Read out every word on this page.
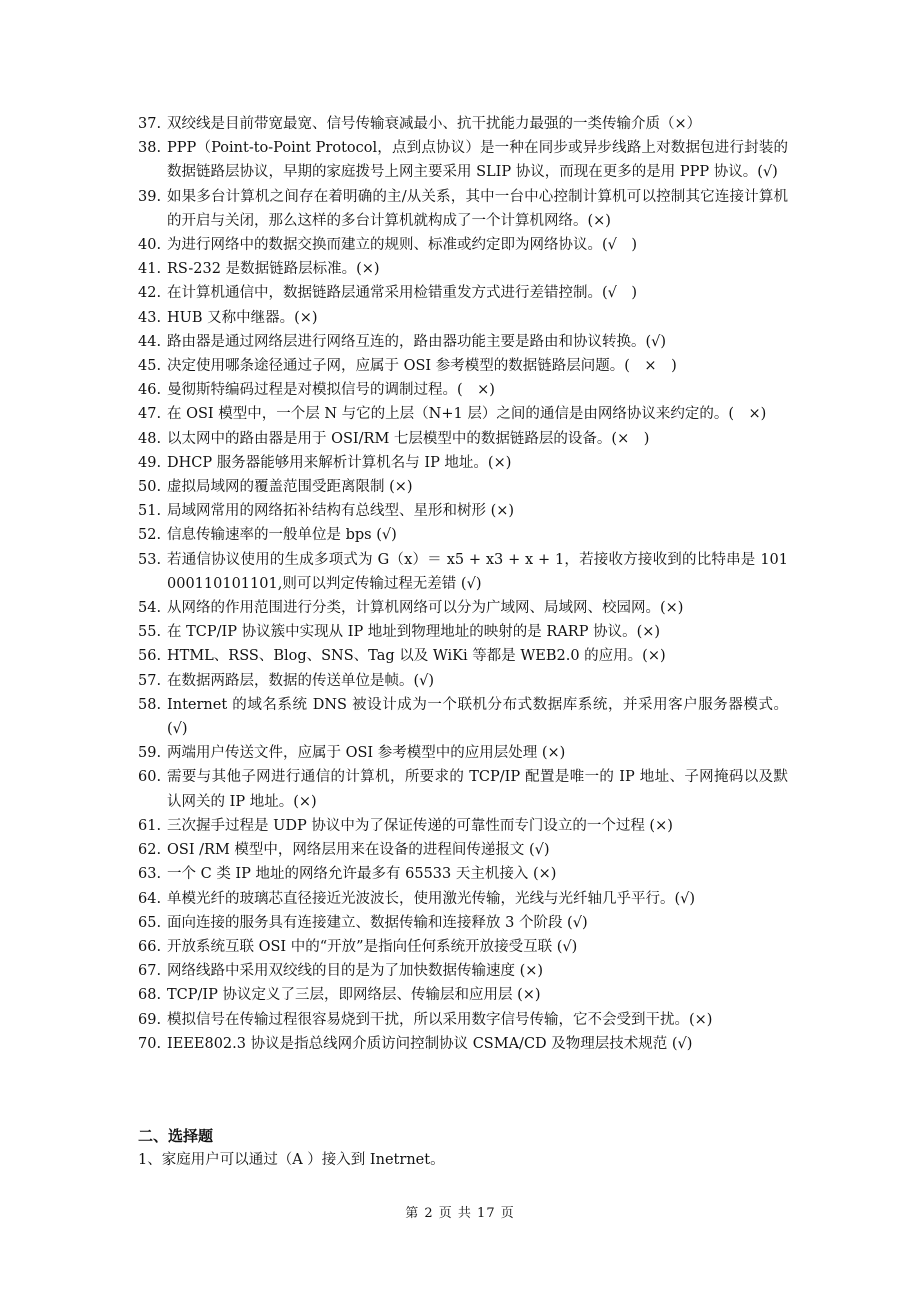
37. 双绞线是目前带宽最宽、信号传输衰减最小、抗干扰能力最强的一类传输介质（×）
38. PPP（Point-to-Point Protocol，点到点协议）是一种在同步或异步线路上对数据包进行封装的数据链路层协议，早期的家庭拨号上网主要采用 SLIP 协议，而现在更多的是用 PPP 协议。(√)
39. 如果多台计算机之间存在着明确的主/从关系，其中一台中心控制计算机可以控制其它连接计算机的开启与关闭，那么这样的多台计算机就构成了一个计算机网络。(×)
40. 为进行网络中的数据交换而建立的规则、标准或约定即为网络协议。(√　)
41. RS-232 是数据链路层标准。(×)
42. 在计算机通信中，数据链路层通常采用检错重发方式进行差错控制。(√　)
43. HUB 又称中继器。(×)
44. 路由器是通过网络层进行网络互连的，路由器功能主要是路由和协议转换。(√)
45. 决定使用哪条途径通过子网，应属于 OSI 参考模型的数据链路层问题。(　×　)
46. 曼彻斯特编码过程是对模拟信号的调制过程。(　×)
47. 在 OSI 模型中，一个层 N 与它的上层（N+1 层）之间的通信是由网络协议来约定的。(　×)
48. 以太网中的路由器是用于 OSI/RM 七层模型中的数据链路层的设备。(×　)
49. DHCP 服务器能够用来解析计算机名与 IP 地址。(×)
50. 虚拟局域网的覆盖范围受距离限制 (×)
51. 局域网常用的网络拓补结构有总线型、星形和树形 (×)
52. 信息传输速率的一般单位是 bps (√)
53. 若通信协议使用的生成多项式为 G（x）＝ x5 + x3 + x + 1，若接收方接收到的比特串是 101000110101101,则可以判定传输过程无差错 (√)
54. 从网络的作用范围进行分类，计算机网络可以分为广域网、局域网、校园网。(×)
55. 在 TCP/IP 协议簇中实现从 IP 地址到物理地址的映射的是 RARP 协议。(×)
56. HTML、RSS、Blog、SNS、Tag 以及 WiKi 等都是 WEB2.0 的应用。(×)
57. 在数据两路层，数据的传送单位是帧。(√)
58. Internet 的域名系统 DNS 被设计成为一个联机分布式数据库系统，并采用客户服务器模式。(√)
59. 两端用户传送文件，应属于 OSI 参考模型中的应用层处理 (×)
60. 需要与其他子网进行通信的计算机，所要求的 TCP/IP 配置是唯一的 IP 地址、子网掩码以及默认网关的 IP 地址。(×)
61. 三次握手过程是 UDP 协议中为了保证传递的可靠性而专门设立的一个过程 (×)
62. OSI /RM 模型中，网络层用来在设备的进程间传递报文 (√)
63. 一个 C 类 IP 地址的网络允许最多有 65533 天主机接入 (×)
64. 单模光纤的玻璃芯直径接近光波波长，使用激光传输，光线与光纤轴几乎平行。(√)
65. 面向连接的服务具有连接建立、数据传输和连接释放 3 个阶段 (√)
66. 开放系统互联 OSI 中的“开放”是指向任何系统开放接受互联 (√)
67. 网络线路中采用双绞线的目的是为了加快数据传输速度 (×)
68. TCP/IP 协议定义了三层，即网络层、传输层和应用层 (×)
69. 模拟信号在传输过程很容易烧到干扰，所以采用数字信号传输，它不会受到干扰。(×)
70. IEEE802.3 协议是指总线网介质访问控制协议 CSMA/CD 及物理层技术规范 (√)
二、选择题
1、家庭用户可以通过（A ）接入到 Inetrnet。
第 2 页 共 17 页
